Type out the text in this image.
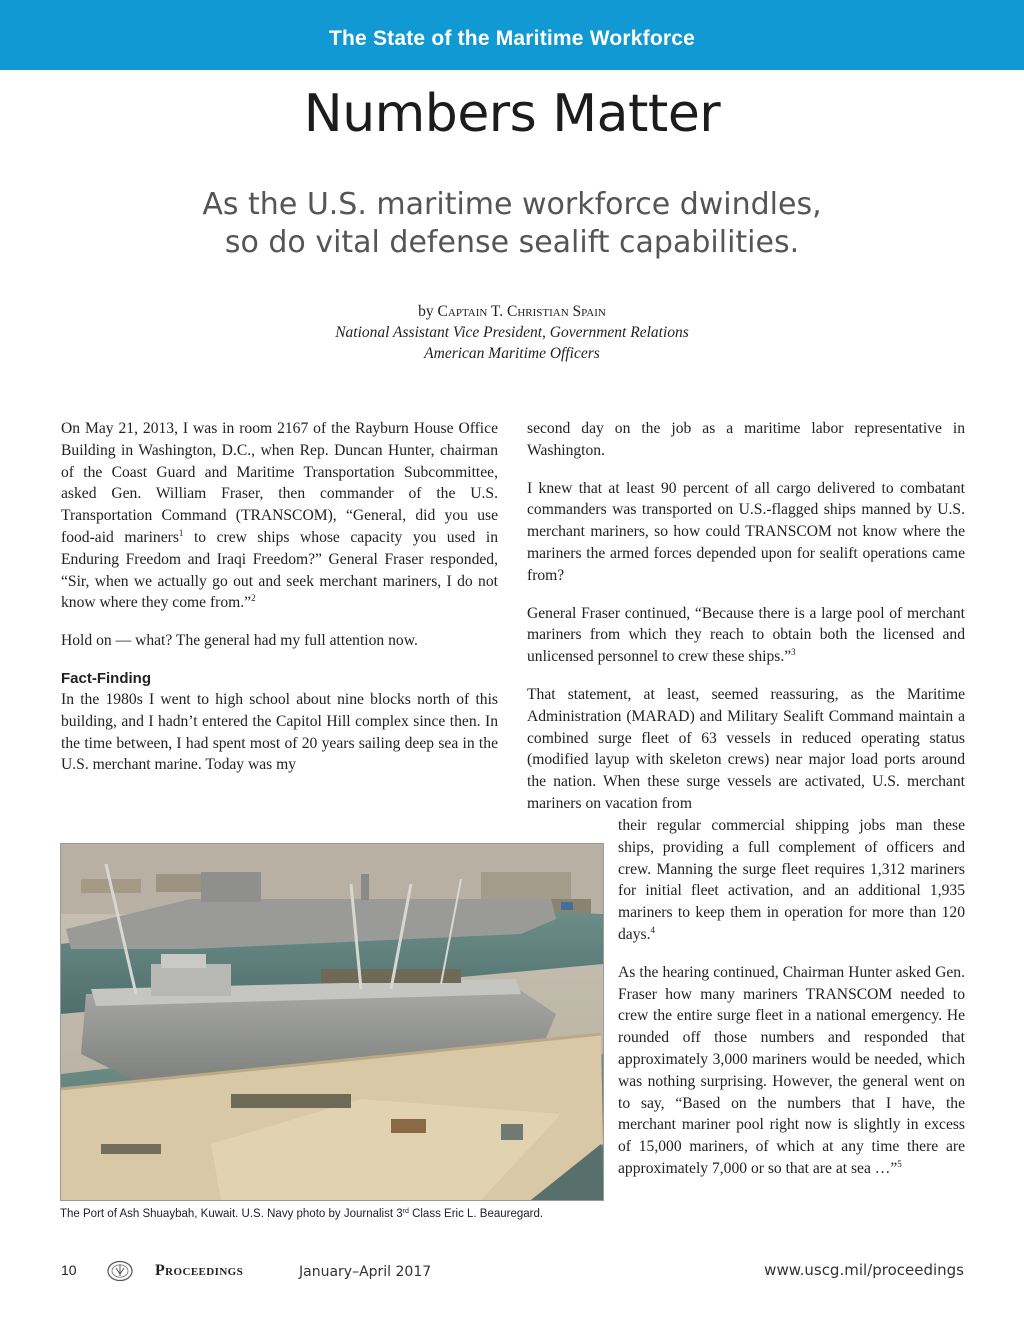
The State of the Maritime Workforce
Numbers Matter
As the U.S. maritime workforce dwindles,
so do vital defense sealift capabilities.
by Captain T. Christian Spain
National Assistant Vice President, Government Relations
American Maritime Officers

On May 21, 2013, I was in room 2167 of the Rayburn House Office Building in Washington, D.C., when Rep. Duncan Hunter, chairman of the Coast Guard and Maritime Transportation Subcommittee, asked Gen. William Fraser, then commander of the U.S. Transportation Command (TRANSCOM), “General, did you use food-aid mariners$^1$ to crew ships whose capacity you used in Enduring Freedom and Iraqi Freedom?” General Fraser responded, “Sir, when we actually go out and seek merchant mariners, I do not know where they come from.”$^2$

Hold on — what? The general had my full attention now.

Fact-Finding

In the 1980s I went to high school about nine blocks north of this building, and I hadn’t entered the Capitol Hill complex since then. In the time between, I had spent most of 20 years sailing deep sea in the U.S. merchant marine. Today was my

second day on the job as a maritime labor representative in Washington.

I knew that at least 90 percent of all cargo delivered to combatant commanders was transported on U.S.-flagged ships manned by U.S. merchant mariners, so how could TRANSCOM not know where the mariners the armed forces depended upon for sealift operations came from?

General Fraser continued, “Because there is a large pool of merchant mariners from which they reach to obtain both the licensed and unlicensed personnel to crew these ships.”$^3$

That statement, at least, seemed reassuring, as the Maritime Administration (MARAD) and Military Sealift Command maintain a combined surge fleet of 63 vessels in reduced operating status (modified layup with skeleton crews) near major load ports around the nation. When these surge vessels are activated, U.S. merchant mariners on vacation from

their regular commercial shipping jobs man these ships, providing a full complement of officers and crew. Manning the surge fleet requires 1,312 mariners for initial fleet activation, and an additional 1,935 mariners to keep them in operation for more than 120 days.$^4$

As the hearing continued, Chairman Hunter asked Gen. Fraser how many mariners TRANSCOM needed to crew the entire surge fleet in a national emergency. He rounded off those numbers and responded that approximately 3,000 mariners would be needed, which was nothing surprising. However, the general went on to say, “Based on the numbers that I have, the merchant mariner pool right now is slightly in excess of 15,000 mariners, of which at any time there are approximately 7,000 or so that are at sea …”$^5$

The Port of Ash Shuaybah, Kuwait. U.S. Navy photo by Journalist 3rd Class Eric L. Beauregard.
10	Proceedings	January–April 2017	www.uscg.mil/proceedings
